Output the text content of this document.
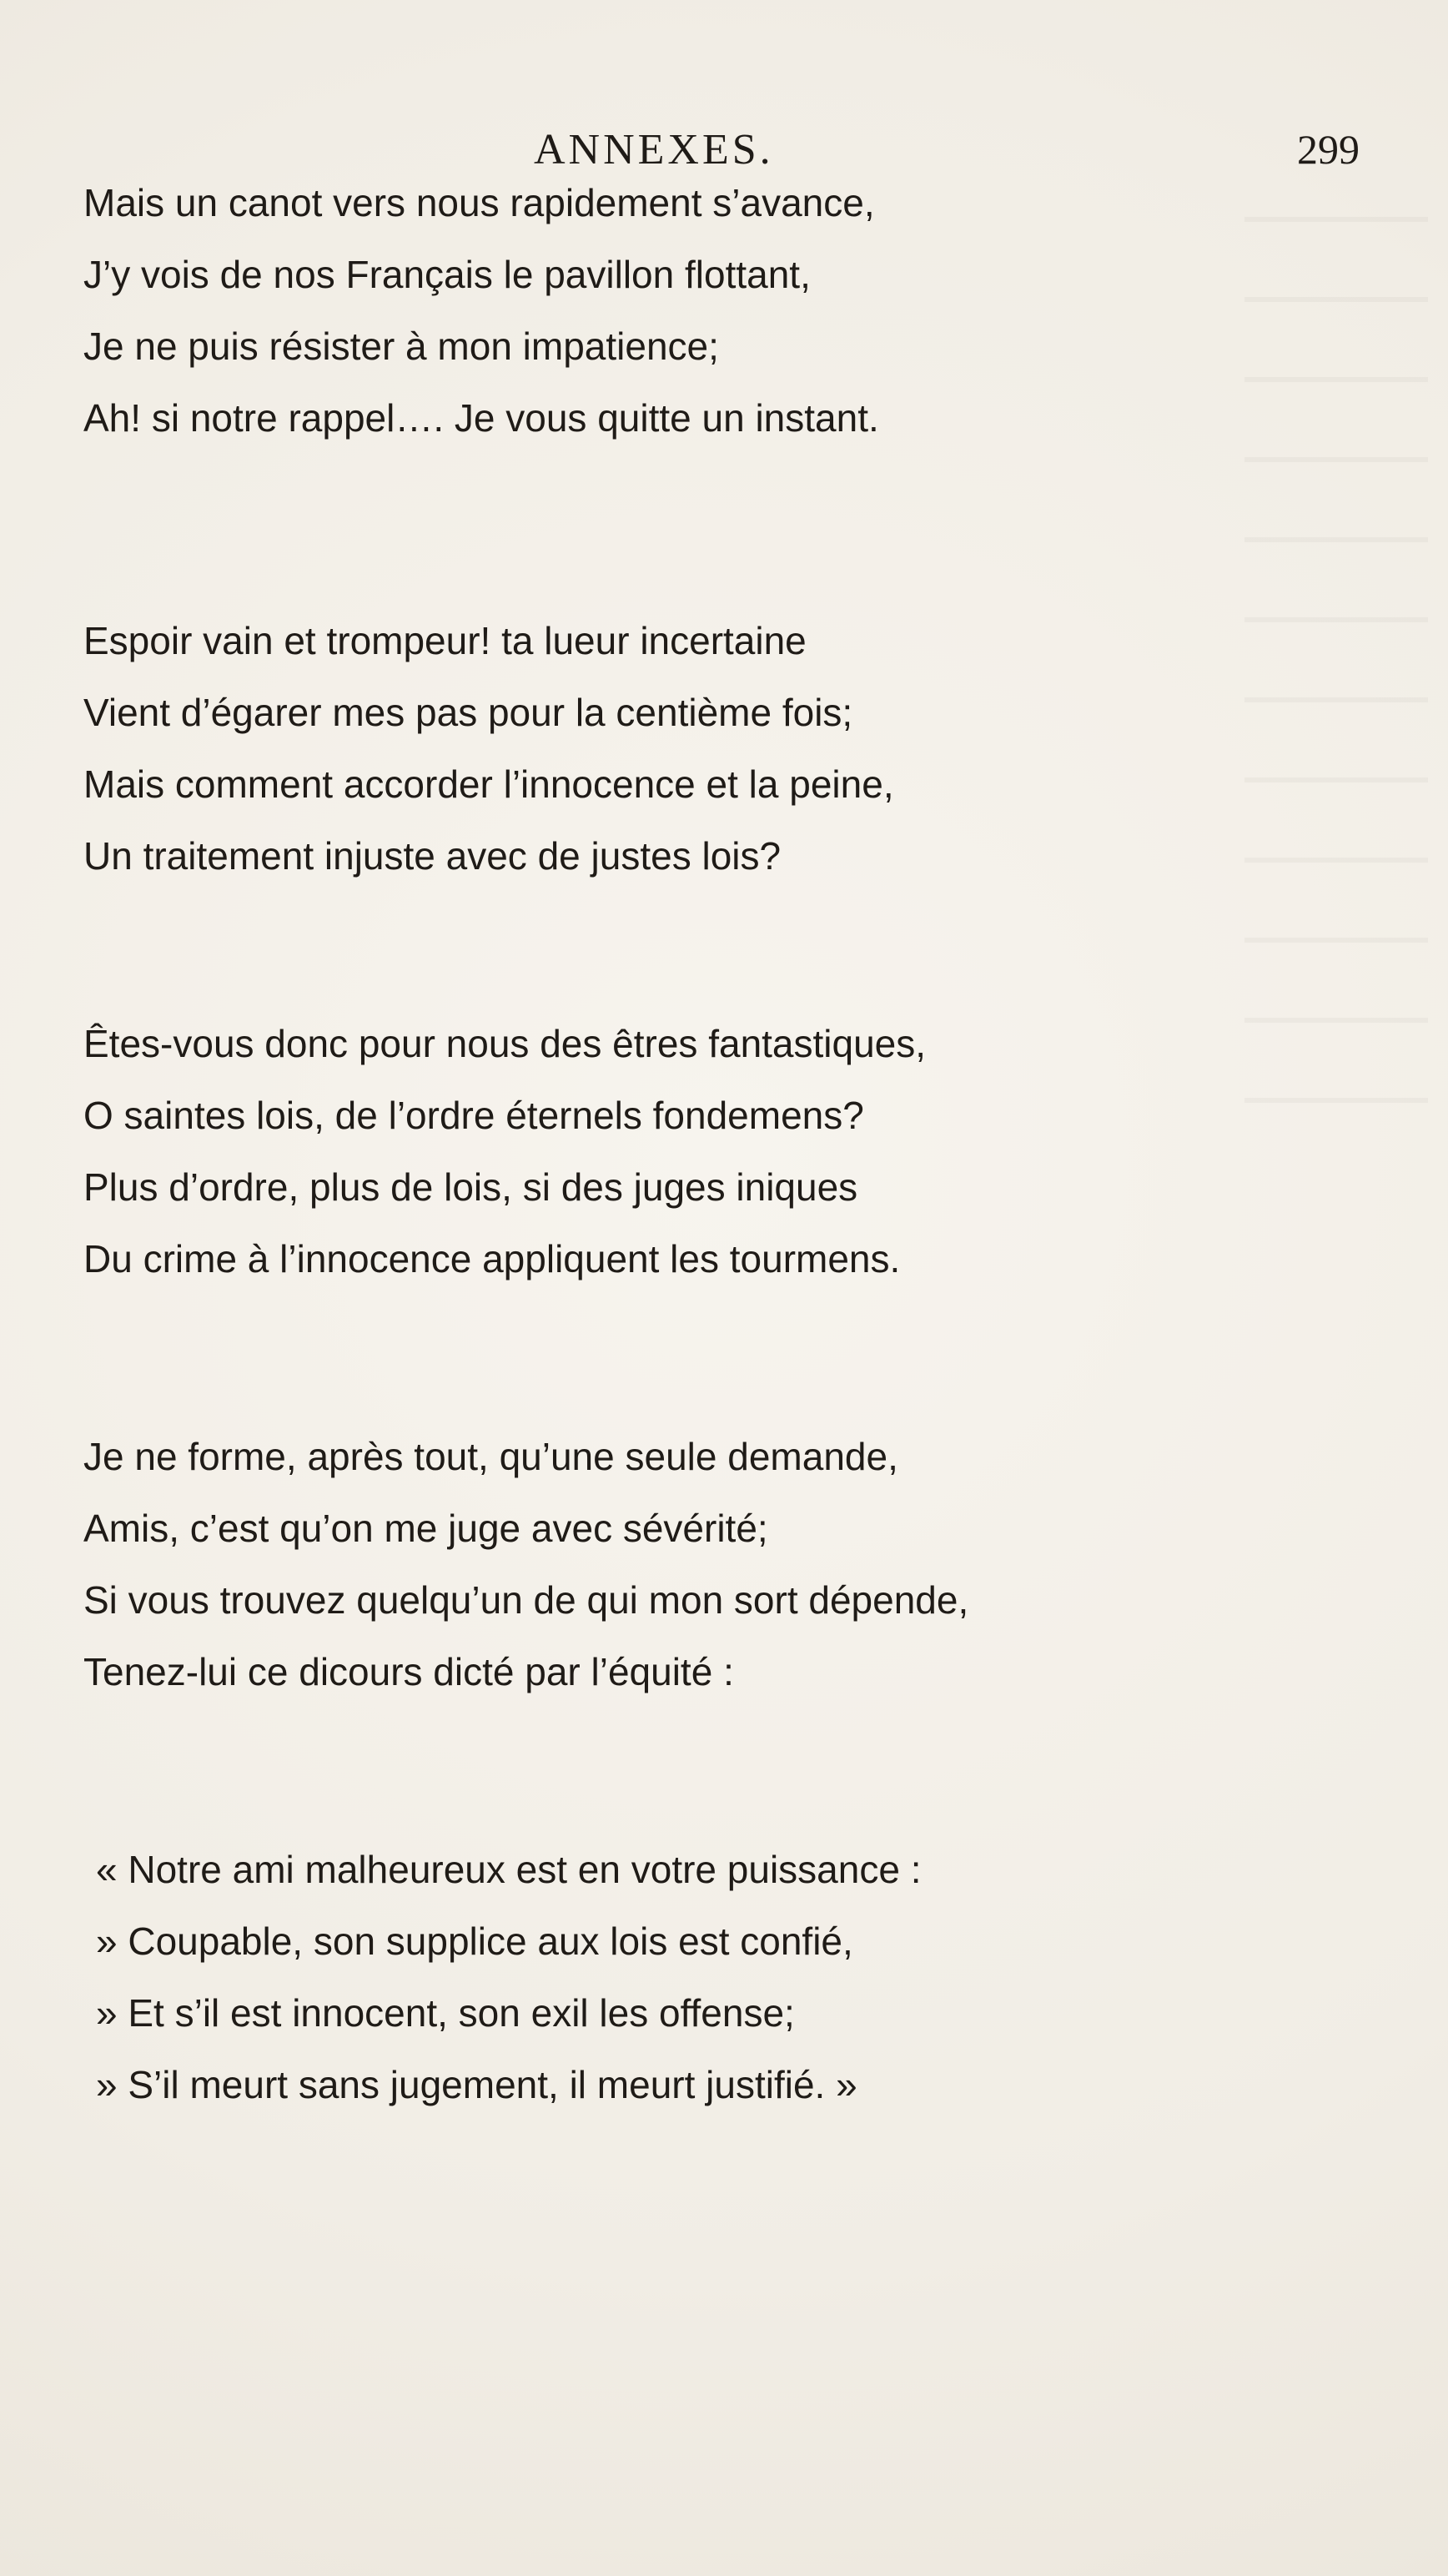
ANNEXES.	299
Mais un canot vers nous rapidement s’avance,
J’y vois de nos Français le pavillon flottant,
Je ne puis résister à mon impatience;
Ah! si notre rappel…. Je vous quitte un instant.
Espoir vain et trompeur! ta lueur incertaine
Vient d’égarer mes pas pour la centième fois;
Mais comment accorder l’innocence et la peine,
Un traitement injuste avec de justes lois?
Êtes-vous donc pour nous des êtres fantastiques,
O saintes lois, de l’ordre éternels fondemens?
Plus d’ordre, plus de lois, si des juges iniques
Du crime à l’innocence appliquent les tourmens.
Je ne forme, après tout, qu’une seule demande,
Amis, c’est qu’on me juge avec sévérité;
Si vous trouvez quelqu’un de qui mon sort dépende,
Tenez-lui ce dicours dicté par l’équité :
« Notre ami malheureux est en votre puissance :
» Coupable, son supplice aux lois est confié,
» Et s’il est innocent, son exil les offense;
» S’il meurt sans jugement, il meurt justifié. »
